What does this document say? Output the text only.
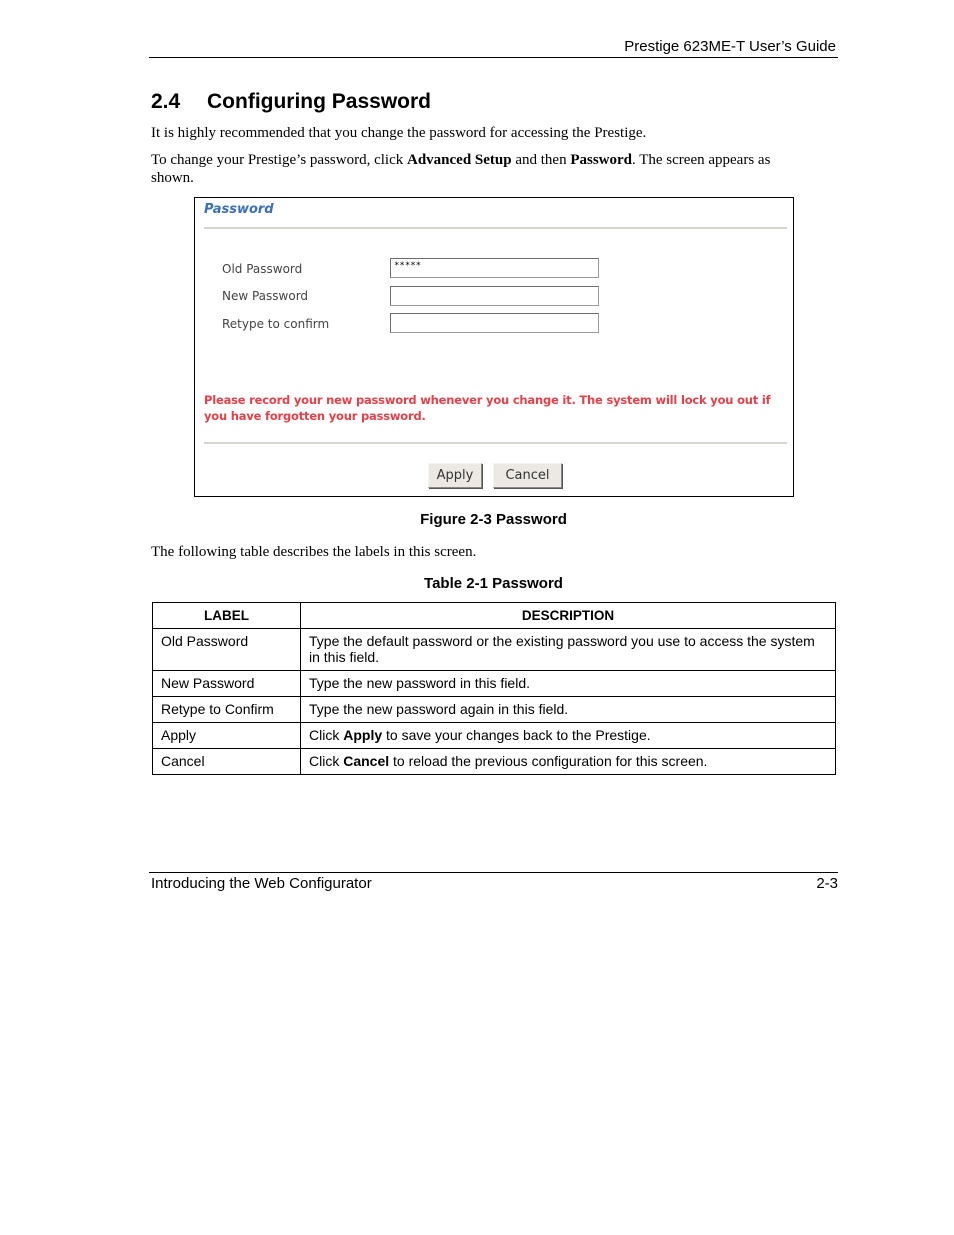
Prestige 623ME-T User’s Guide
2.4 Configuring Password
It is highly recommended that you change the password for accessing the Prestige.
To change your Prestige’s password, click Advanced Setup and then Password. The screen appears as shown.
Password
Old Password	*****
New Password
Retype to confirm
Please record your new password whenever you change it. The system will lock you out if you have forgotten your password.
Apply	Cancel
Figure 2-3 Password
The following table describes the labels in this screen.
Table 2-1 Password
LABEL	DESCRIPTION
Old Password	Type the default password or the existing password you use to access the system in this field.
New Password	Type the new password in this field.
Retype to Confirm	Type the new password again in this field.
Apply	Click Apply to save your changes back to the Prestige.
Cancel	Click Cancel to reload the previous configuration for this screen.
Introducing the Web Configurator	2-3
